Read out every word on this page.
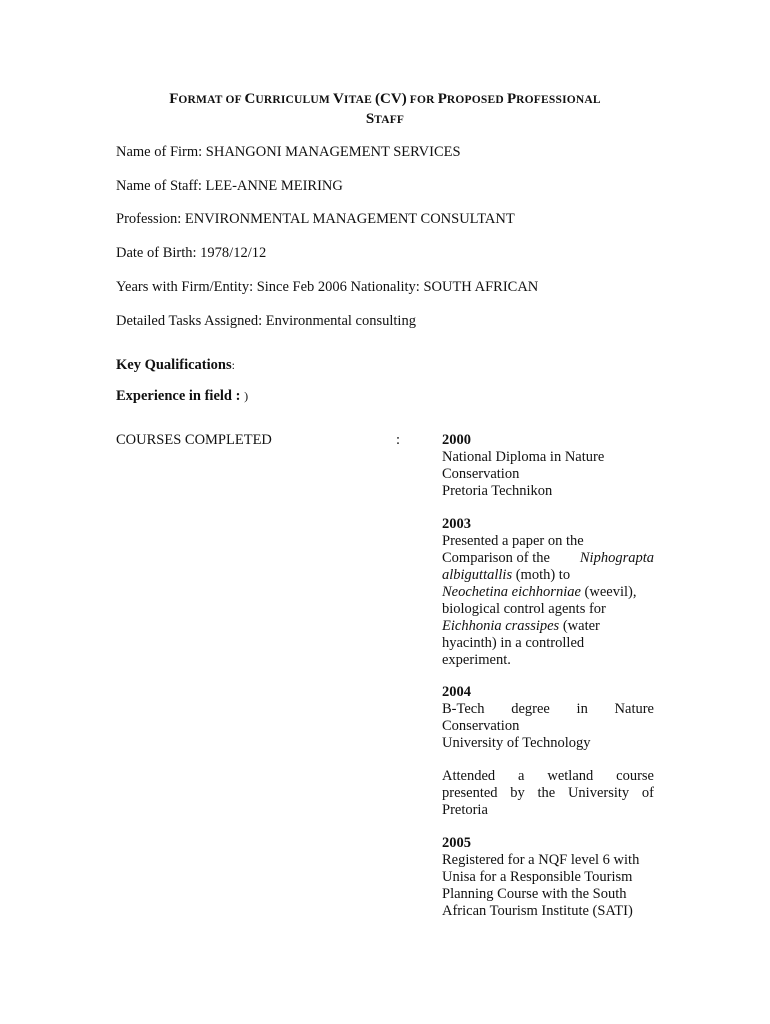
FORMAT OF CURRICULUM VITAE (CV) FOR PROPOSED PROFESSIONAL
STAFF
Name of Firm: SHANGONI MANAGEMENT SERVICES
Name of Staff: LEE-ANNE MEIRING
Profession: ENVIRONMENTAL MANAGEMENT CONSULTANT
Date of Birth: 1978/12/12
Years with Firm/Entity: Since Feb 2006 Nationality: SOUTH AFRICAN
Detailed Tasks Assigned: Environmental consulting
Key Qualifications:
Experience in field : )
COURSES COMPLETED	:	2000
National Diploma in Nature
Conservation
Pretoria Technikon
2003
Presented a paper on the
Comparison of the Niphograpta
albiguttallis (moth) to
Neochetina eichhorniae (weevil),
biological control agents for
Eichhonia crassipes (water
hyacinth) in a controlled
experiment.
2004
B-Tech degree in Nature
Conservation
University of Technology
Attended a wetland course presented by the University of Pretoria
2005
Registered for a NQF level 6 with
Unisa for a Responsible Tourism
Planning Course with the South
African Tourism Institute (SATI)
